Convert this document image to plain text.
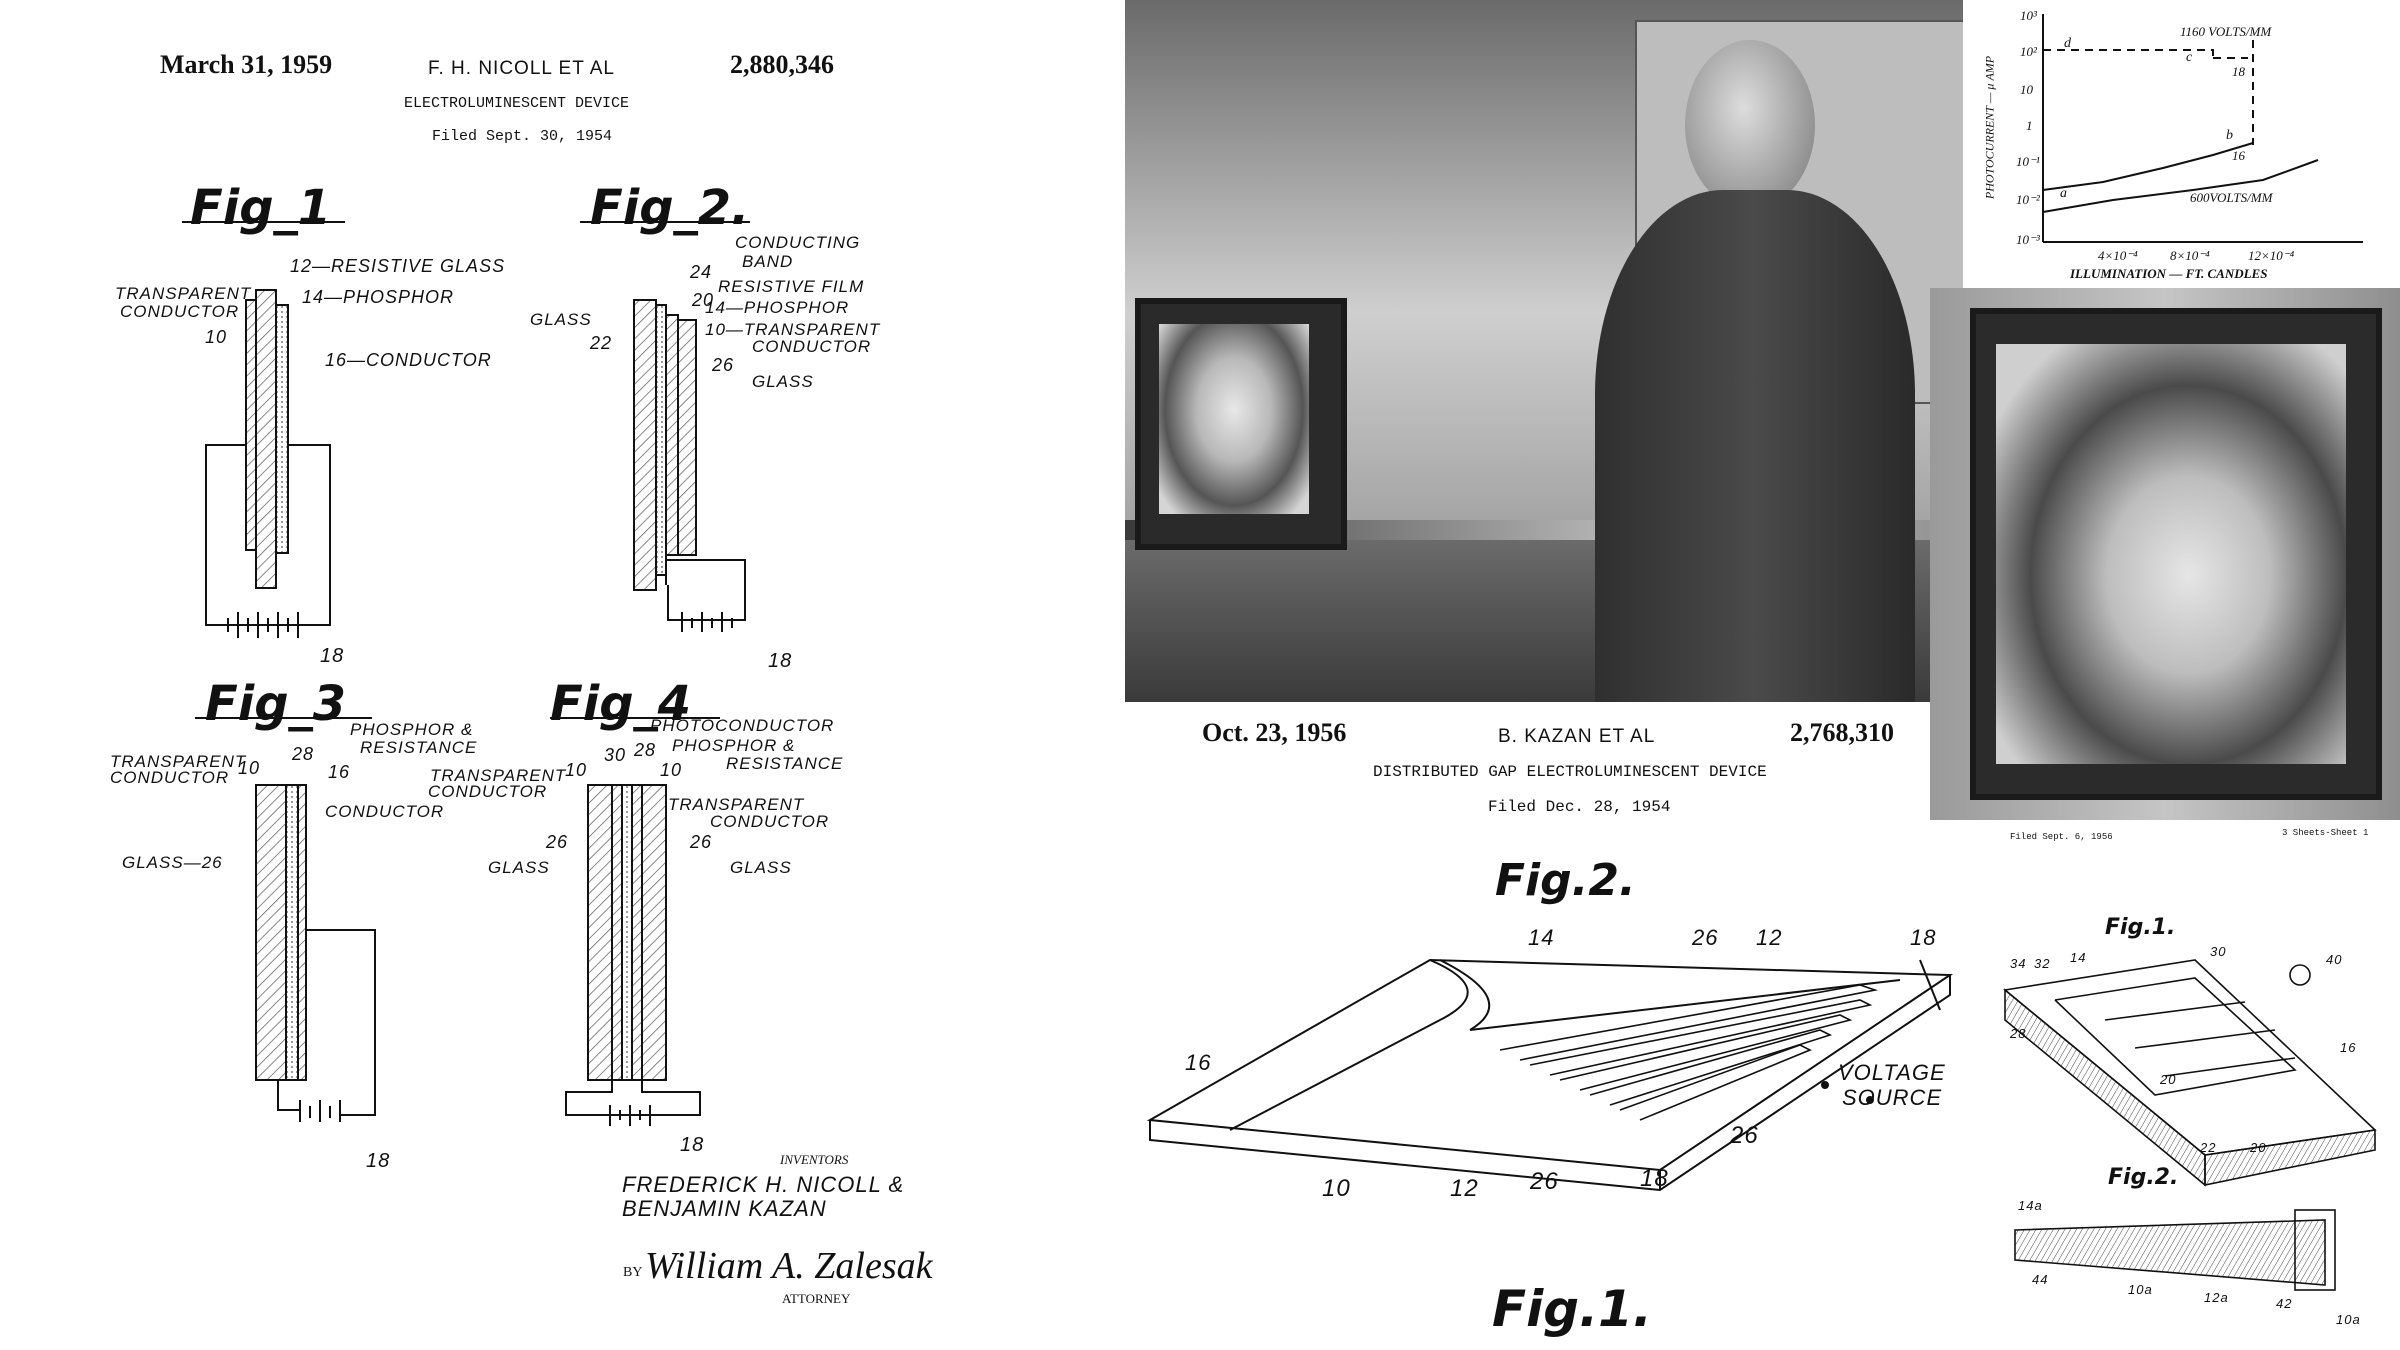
March 31, 1959	F. H. NICOLL ET AL	2,880,346
ELECTROLUMINESCENT DEVICE
Filed Sept. 30, 1954
Fig_1	Fig_2.
Fig_3	Fig_4
12—RESISTIVE GLASS
TRANSPARENT
CONDUCTOR
14—PHOSPHOR
10
16—CONDUCTOR
18
CONDUCTING
BAND
24
RESISTIVE FILM
20
14—PHOSPHOR
10—TRANSPARENT
CONDUCTOR
GLASS
22
26
GLASS
18
PHOSPHOR &
RESISTANCE
TRANSPARENT
CONDUCTOR 10
28
16
CONDUCTOR
GLASS—26
18
PHOTOCONDUCTOR
PHOSPHOR &
RESISTANCE
TRANSPARENT
CONDUCTOR
10
30 28
10
TRANSPARENT
CONDUCTOR
26
GLASS
26
GLASS
18
INVENTORS
FREDERICK H. NICOLL &
BENJAMIN KAZAN
BY William A. Zalesak
ATTORNEY
PHOTOCURRENT — μ AMP
10³
10²
10
1
10⁻¹
10⁻²
10⁻³
4×10⁻⁴ 8×10⁻⁴	12×10⁻⁴
ILLUMINATION — FT. CANDLES
1160 VOLTS/MM
600VOLTS/MM
d
c
b
a
18
16
Oct. 23, 1956	B. KAZAN ET AL	2,768,310
DISTRIBUTED GAP ELECTROLUMINESCENT DEVICE
Filed Dec. 28, 1954
Fig.2.
Fig.1.
16
14	26 12	18
VOLTAGE
SOURCE
10	12 26	18
26
Filed Sept. 6, 1956	3 Sheets-Sheet 1
Fig.1.
Fig.2.
34 32 14	30
40
28
20
22	20
16
14a
44
10a
12a	42
10a
